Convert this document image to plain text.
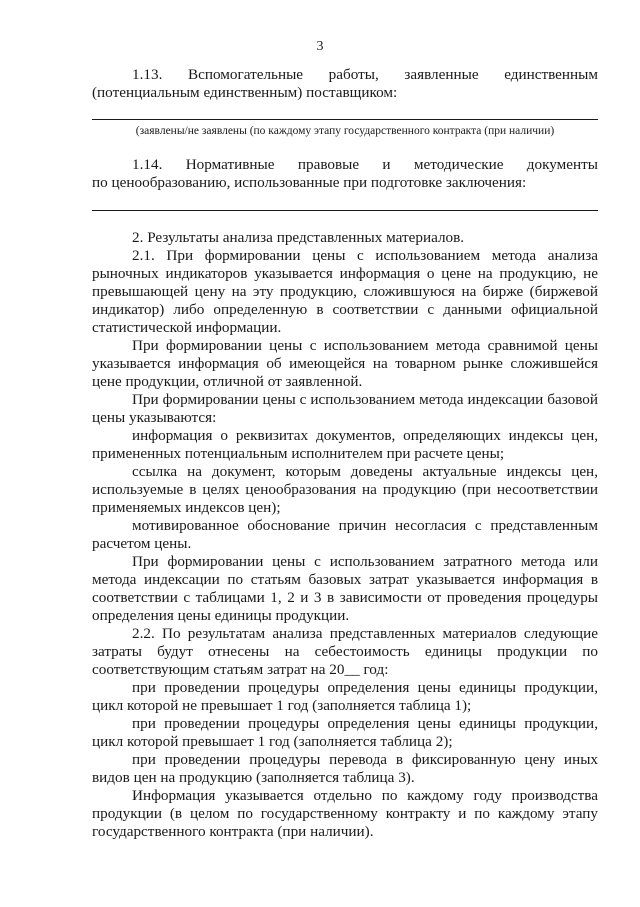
3

1.13. Вспомогательные работы, заявленные единственным

(потенциальным единственным) поставщиком:

(заявлены/не заявлены (по каждому этапу государственного контракта (при наличии)

1.14. Нормативные правовые и методические документы

по ценообразованию, использованные при подготовке заключения:

2. Результаты анализа представленных материалов.

2.1. При формировании цены с использованием метода анализа рыночных индикаторов указывается информация о цене на продукцию, не превышающей цену на эту продукцию, сложившуюся на бирже (биржевой индикатор) либо определенную в соответствии с данными официальной статистической информации.

При формировании цены с использованием метода сравнимой цены указывается информация об имеющейся на товарном рынке сложившейся цене продукции, отличной от заявленной.

При формировании цены с использованием метода индексации базовой цены указываются:

информация о реквизитах документов, определяющих индексы цен, примененных потенциальным исполнителем при расчете цены;

ссылка на документ, которым доведены актуальные индексы цен, используемые в целях ценообразования на продукцию (при несоответствии применяемых индексов цен);

мотивированное обоснование причин несогласия с представленным расчетом цены.

При формировании цены с использованием затратного метода или метода индексации по статьям базовых затрат указывается информация в соответствии с таблицами 1, 2 и 3 в зависимости от проведения процедуры определения цены единицы продукции.

2.2. По результатам анализа представленных материалов следующие затраты будут отнесены на себестоимость единицы продукции по соответствующим статьям затрат на 20__ год:

при проведении процедуры определения цены единицы продукции, цикл которой не превышает 1 год (заполняется таблица 1);

при проведении процедуры определения цены единицы продукции, цикл которой превышает 1 год (заполняется таблица 2);

при проведении процедуры перевода в фиксированную цену иных видов цен на продукцию (заполняется таблица 3).

Информация указывается отдельно по каждому году производства продукции (в целом по государственному контракту и по каждому этапу государственного контракта (при наличии).
